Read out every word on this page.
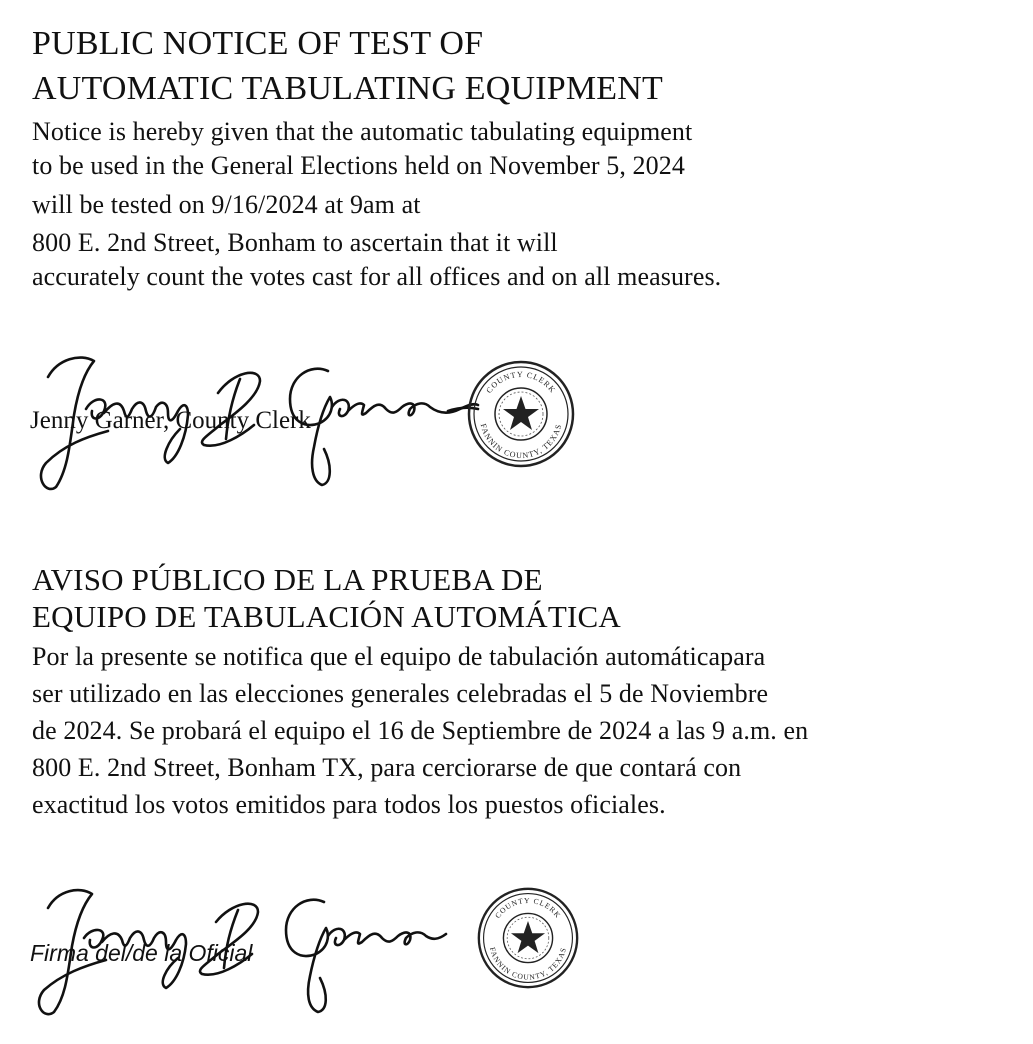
PUBLIC NOTICE OF TEST OF
AUTOMATIC TABULATING EQUIPMENT
Notice is hereby given that the automatic tabulating equipment
to be used in the General Elections held on November 5, 2024
will be tested on 9/16/2024 at 9am at
800 E. 2nd Street, Bonham to ascertain that it will
accurately count the votes cast for all offices and on all measures.
Jenny Garner, County Clerk
COUNTY CLERK
FANNIN COUNTY, TEXAS
AVISO PÚBLICO DE LA PRUEBA DE
EQUIPO DE TABULACIÓN AUTOMÁTICA
Por la presente se notifica que el equipo de tabulación automáticapara
ser utilizado en las elecciones generales celebradas el 5 de Noviembre
de 2024. Se probará el equipo el 16 de Septiembre de 2024 a las 9 a.m. en
800 E. 2nd Street, Bonham TX, para cerciorarse de que contará con
exactitud los votos emitidos para todos los puestos oficiales.
Firma del/de la Oficial
COUNTY CLERK
FANNIN COUNTY, TEXAS
